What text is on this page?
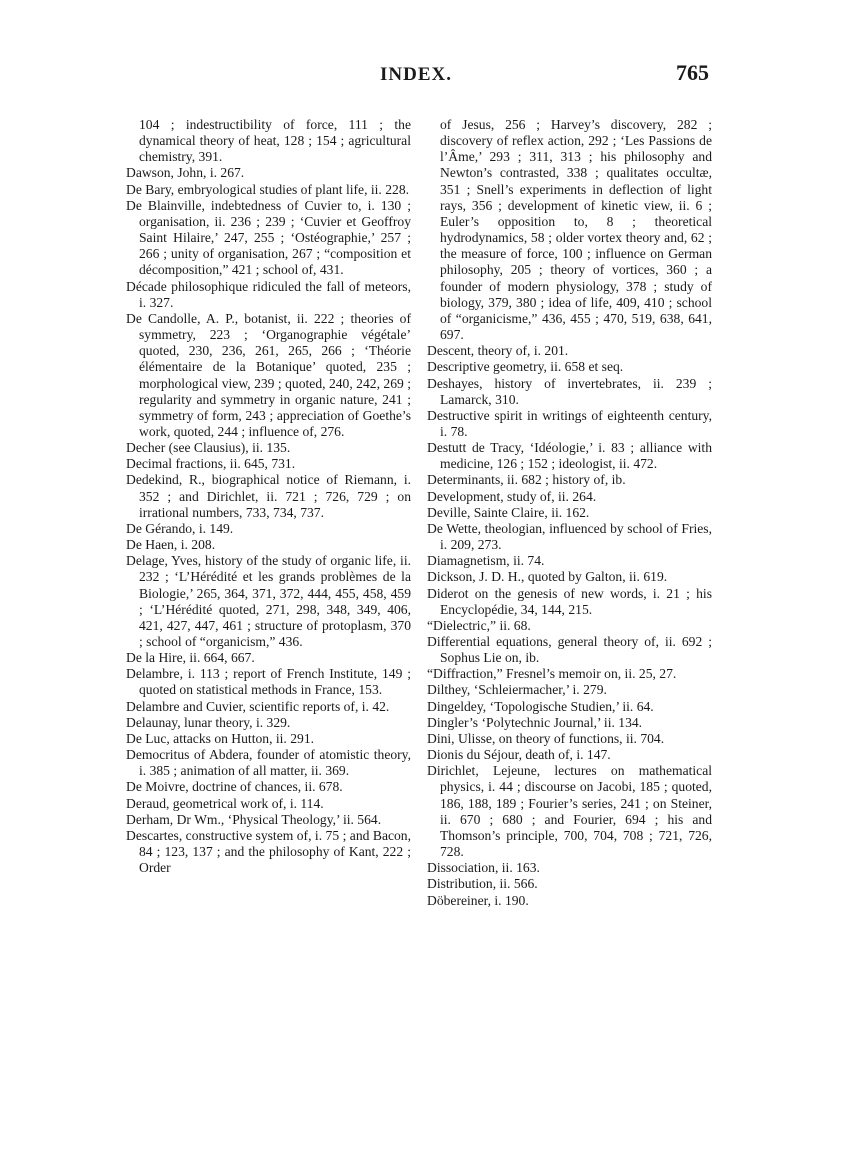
INDEX.	765

104 ; indestructibility of force, 111 ; the dynamical theory of heat, 128 ; 154 ; agricultural chemistry, 391.

Dawson, John, i. 267.

De Bary, embryological studies of plant life, ii. 228.

De Blainville, indebtedness of Cuvier to, i. 130 ; organisation, ii. 236 ; 239 ; ‘Cuvier et Geoffroy Saint Hilaire,’ 247, 255 ; ‘Ostéographie,’ 257 ; 266 ; unity of organisation, 267 ; “composition et décomposition,” 421 ; school of, 431.

Décade philosophique ridiculed the fall of meteors, i. 327.

De Candolle, A. P., botanist, ii. 222 ; theories of symmetry, 223 ; ‘Organographie végétale’ quoted, 230, 236, 261, 265, 266 ; ‘Théorie élémentaire de la Botanique’ quoted, 235 ; morphological view, 239 ; quoted, 240, 242, 269 ; regularity and symmetry in organic nature, 241 ; symmetry of form, 243 ; appreciation of Goethe’s work, quoted, 244 ; influence of, 276.

Decher (see Clausius), ii. 135.

Decimal fractions, ii. 645, 731.

Dedekind, R., biographical notice of Riemann, i. 352 ; and Dirichlet, ii. 721 ; 726, 729 ; on irrational numbers, 733, 734, 737.

De Gérando, i. 149.

De Haen, i. 208.

Delage, Yves, history of the study of organic life, ii. 232 ; ‘L’Hérédité et les grands problèmes de la Biologie,’ 265, 364, 371, 372, 444, 455, 458, 459 ; ‘L’Hérédité quoted, 271, 298, 348, 349, 406, 421, 427, 447, 461 ; structure of protoplasm, 370 ; school of “organicism,” 436.

De la Hire, ii. 664, 667.

Delambre, i. 113 ; report of French Institute, 149 ; quoted on statistical methods in France, 153.

Delambre and Cuvier, scientific reports of, i. 42.

Delaunay, lunar theory, i. 329.

De Luc, attacks on Hutton, ii. 291.

Democritus of Abdera, founder of atomistic theory, i. 385 ; animation of all matter, ii. 369.

De Moivre, doctrine of chances, ii. 678.

Deraud, geometrical work of, i. 114.

Derham, Dr Wm., ‘Physical Theology,’ ii. 564.

Descartes, constructive system of, i. 75 ; and Bacon, 84 ; 123, 137 ; and the philosophy of Kant, 222 ; Order

of Jesus, 256 ; Harvey’s discovery, 282 ; discovery of reflex action, 292 ; ‘Les Passions de l’Âme,’ 293 ; 311, 313 ; his philosophy and Newton’s contrasted, 338 ; qualitates occultæ, 351 ; Snell’s experiments in deflection of light rays, 356 ; development of kinetic view, ii. 6 ; Euler’s opposition to, 8 ; theoretical hydrodynamics, 58 ; older vortex theory and, 62 ; the measure of force, 100 ; influence on German philosophy, 205 ; theory of vortices, 360 ; a founder of modern physiology, 378 ; study of biology, 379, 380 ; idea of life, 409, 410 ; school of “organicisme,” 436, 455 ; 470, 519, 638, 641, 697.

Descent, theory of, i. 201.

Descriptive geometry, ii. 658 et seq.

Deshayes, history of invertebrates, ii. 239 ; Lamarck, 310.

Destructive spirit in writings of eighteenth century, i. 78.

Destutt de Tracy, ‘Idéologie,’ i. 83 ; alliance with medicine, 126 ; 152 ; ideologist, ii. 472.

Determinants, ii. 682 ; history of, ib.

Development, study of, ii. 264.

Deville, Sainte Claire, ii. 162.

De Wette, theologian, influenced by school of Fries, i. 209, 273.

Diamagnetism, ii. 74.

Dickson, J. D. H., quoted by Galton, ii. 619.

Diderot on the genesis of new words, i. 21 ; his Encyclopédie, 34, 144, 215.

“Dielectric,” ii. 68.

Differential equations, general theory of, ii. 692 ; Sophus Lie on, ib.

“Diffraction,” Fresnel’s memoir on, ii. 25, 27.

Dilthey, ‘Schleiermacher,’ i. 279.

Dingeldey, ‘Topologische Studien,’ ii. 64.

Dingler’s ‘Polytechnic Journal,’ ii. 134.

Dini, Ulisse, on theory of functions, ii. 704.

Dionis du Séjour, death of, i. 147.

Dirichlet, Lejeune, lectures on mathematical physics, i. 44 ; discourse on Jacobi, 185 ; quoted, 186, 188, 189 ; Fourier’s series, 241 ; on Steiner, ii. 670 ; 680 ; and Fourier, 694 ; his and Thomson’s principle, 700, 704, 708 ; 721, 726, 728.

Dissociation, ii. 163.

Distribution, ii. 566.

Döbereiner, i. 190.
